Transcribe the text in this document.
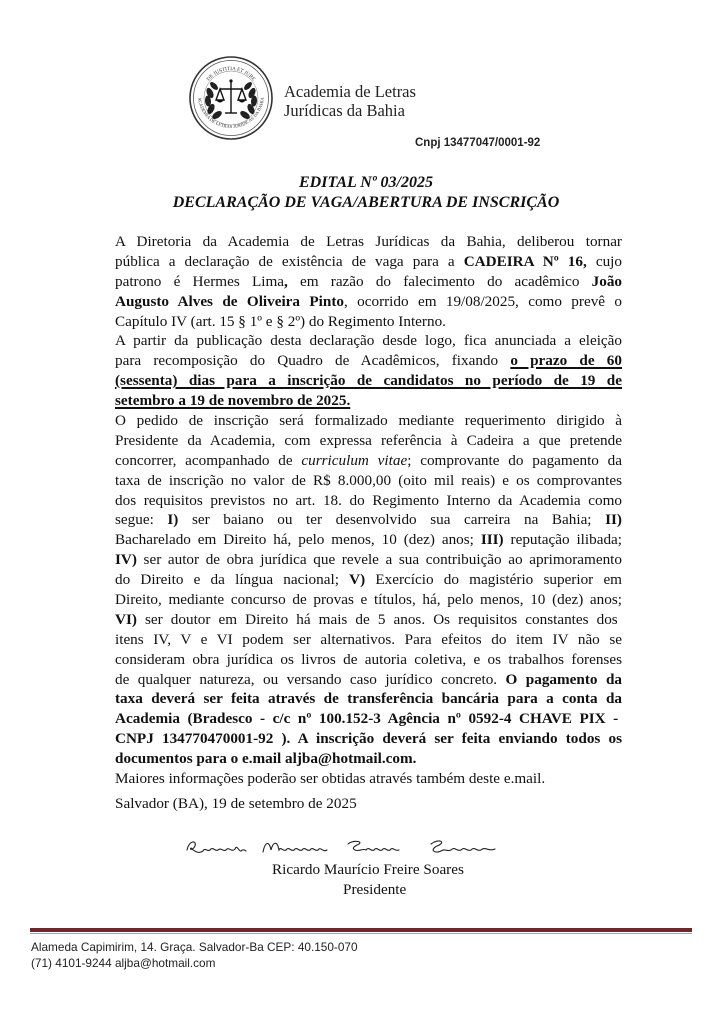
DE JUSTITIA ET JURE
ACADEMIA DE LETRAS JURÍDICAS DA BAHIA Academia de Letras
Jurídicas da Bahia
Cnpj 13477047/0001-92
EDITAL Nº 03/2025
DECLARAÇÃO DE VAGA/ABERTURA DE INSCRIÇÃO
A Diretoria da Academia de Letras Jurídicas da Bahia, deliberou tornar
pública a declaração de existência de vaga para a CADEIRA Nº 16, cujo
patrono é Hermes Lima, em razão do falecimento do acadêmico João
Augusto Alves de Oliveira Pinto, ocorrido em 19/08/2025, como prevê o
Capítulo IV (art. 15 § 1º e § 2º) do Regimento Interno.
A partir da publicação desta declaração desde logo, fica anunciada a eleição
para recomposição do Quadro de Acadêmicos, fixando o prazo de 60
(sessenta) dias para a inscrição de candidatos no período de 19 de
setembro a 19 de novembro de 2025.
O pedido de inscrição será formalizado mediante requerimento dirigido à
Presidente da Academia, com expressa referência à Cadeira a que pretende
concorrer, acompanhado de curriculum vitae; comprovante do pagamento da
taxa de inscrição no valor de R$ 8.000,00 (oito mil reais) e os comprovantes
dos requisitos previstos no art. 18. do Regimento Interno da Academia como
segue: I) ser baiano ou ter desenvolvido sua carreira na Bahia; II)
Bacharelado em Direito há, pelo menos, 10 (dez) anos; III) reputação ilibada;
IV) ser autor de obra jurídica que revele a sua contribuição ao aprimoramento
do Direito e da língua nacional; V) Exercício do magistério superior em
Direito, mediante concurso de provas e títulos, há, pelo menos, 10 (dez) anos;
VI) ser doutor em Direito há mais de 5 anos. Os requisitos constantes dos
itens IV, V e VI podem ser alternativos. Para efeitos do item IV não se
consideram obra jurídica os livros de autoria coletiva, e os trabalhos forenses
de qualquer natureza, ou versando caso jurídico concreto. O pagamento da
taxa deverá ser feita através de transferência bancária para a conta da
Academia (Bradesco - c/c nº 100.152-3 Agência nº 0592-4 CHAVE PIX -
CNPJ 134770470001-92 ). A inscrição deverá ser feita enviando todos os
documentos para o e.mail aljba@hotmail.com.
Maiores informações poderão ser obtidas através também deste e.mail.
Salvador (BA), 19 de setembro de 2025
Ricardo Maurício Freire Soares
Presidente
Alameda Capimirim, 14. Graça. Salvador-Ba CEP: 40.150-070
(71) 4101-9244 aljba@hotmail.com
